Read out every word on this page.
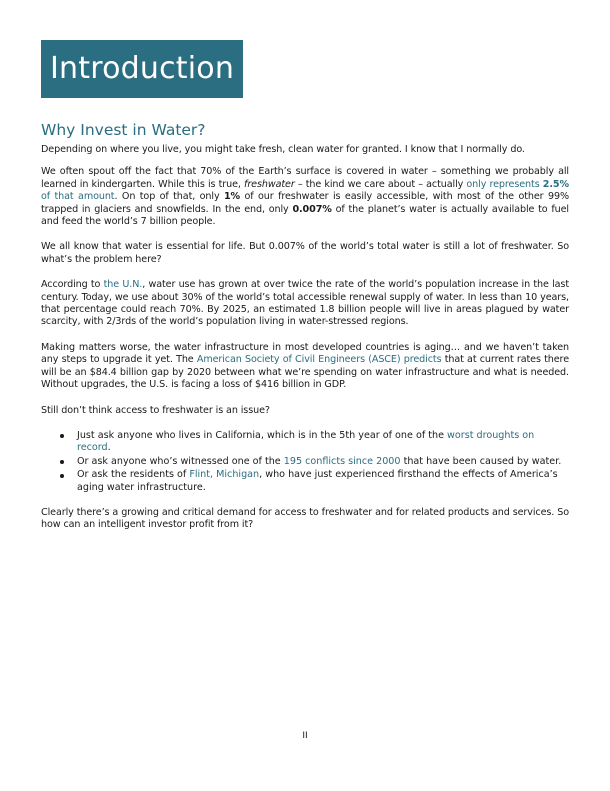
Introduction
Why Invest in Water?

Depending on where you live, you might take fresh, clean water for granted. I know that I normally do.

We often spout off the fact that 70% of the Earth’s surface is covered in water – something we probably all learned in kindergarten. While this is true, freshwater – the kind we care about – actually only represents 2.5% of that amount. On top of that, only 1% of our freshwater is easily accessible, with most of the other 99% trapped in glaciers and snowfields. In the end, only 0.007% of the planet’s water is actually available to fuel and feed the world’s 7 billion people.

We all know that water is essential for life. But 0.007% of the world’s total water is still a lot of freshwater. So what’s the problem here?

According to the U.N., water use has grown at over twice the rate of the world’s population increase in the last century. Today, we use about 30% of the world’s total accessible renewal supply of water. In less than 10 years, that percentage could reach 70%. By 2025, an estimated 1.8 billion people will live in areas plagued by water scarcity, with 2/3rds of the world’s population living in water-stressed regions.

Making matters worse, the water infrastructure in most developed countries is aging… and we haven’t taken any steps to upgrade it yet. The American Society of Civil Engineers (ASCE) predicts that at current rates there will be an $84.4 billion gap by 2020 between what we’re spending on water infrastructure and what is needed. Without upgrades, the U.S. is facing a loss of $416 billion in GDP.

Still don’t think access to freshwater is an issue?

Just ask anyone who lives in California, which is in the 5th year of one of the worst droughts on record.
Or ask anyone who’s witnessed one of the 195 conflicts since 2000 that have been caused by water.
Or ask the residents of Flint, Michigan, who have just experienced firsthand the effects of America’s aging water infrastructure.

Clearly there’s a growing and critical demand for access to freshwater and for related products and services. So how can an intelligent investor profit from it?

II
